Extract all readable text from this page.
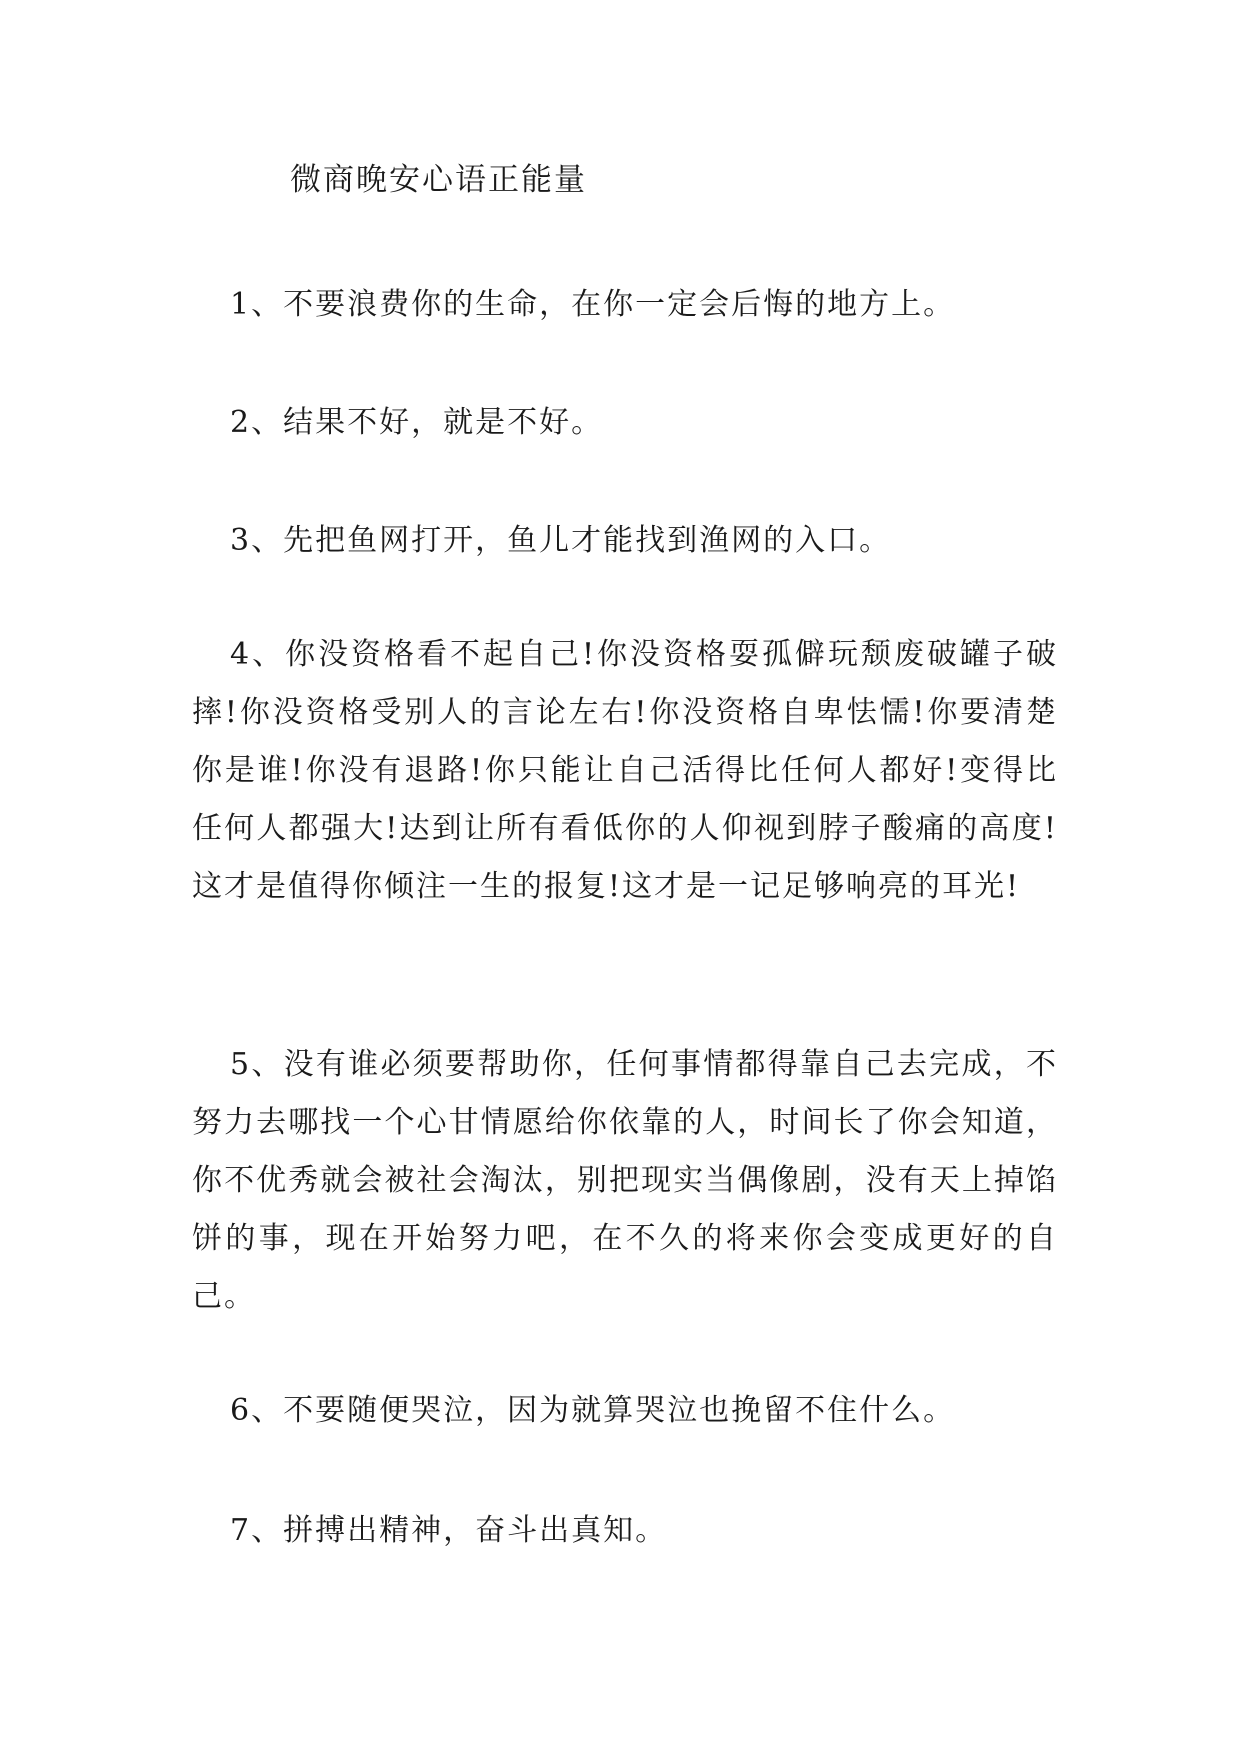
微商晚安心语正能量

1、不要浪费你的生命，在你一定会后悔的地方上。

2、结果不好，就是不好。

3、先把鱼网打开，鱼儿才能找到渔网的入口。

4、你没资格看不起自己!你没资格耍孤僻玩颓废破罐子破摔!你没资格受别人的言论左右!你没资格自卑怯懦!你要清楚你是谁!你没有退路!你只能让自己活得比任何人都好!变得比任何人都强大!达到让所有看低你的人仰视到脖子酸痛的高度!这才是值得你倾注一生的报复!这才是一记足够响亮的耳光!

5、没有谁必须要帮助你，任何事情都得靠自己去完成，不努力去哪找一个心甘情愿给你依靠的人，时间长了你会知道，你不优秀就会被社会淘汰，别把现实当偶像剧，没有天上掉馅饼的事，现在开始努力吧，在不久的将来你会变成更好的自己。

6、不要随便哭泣，因为就算哭泣也挽留不住什么。

7、拼搏出精神，奋斗出真知。
